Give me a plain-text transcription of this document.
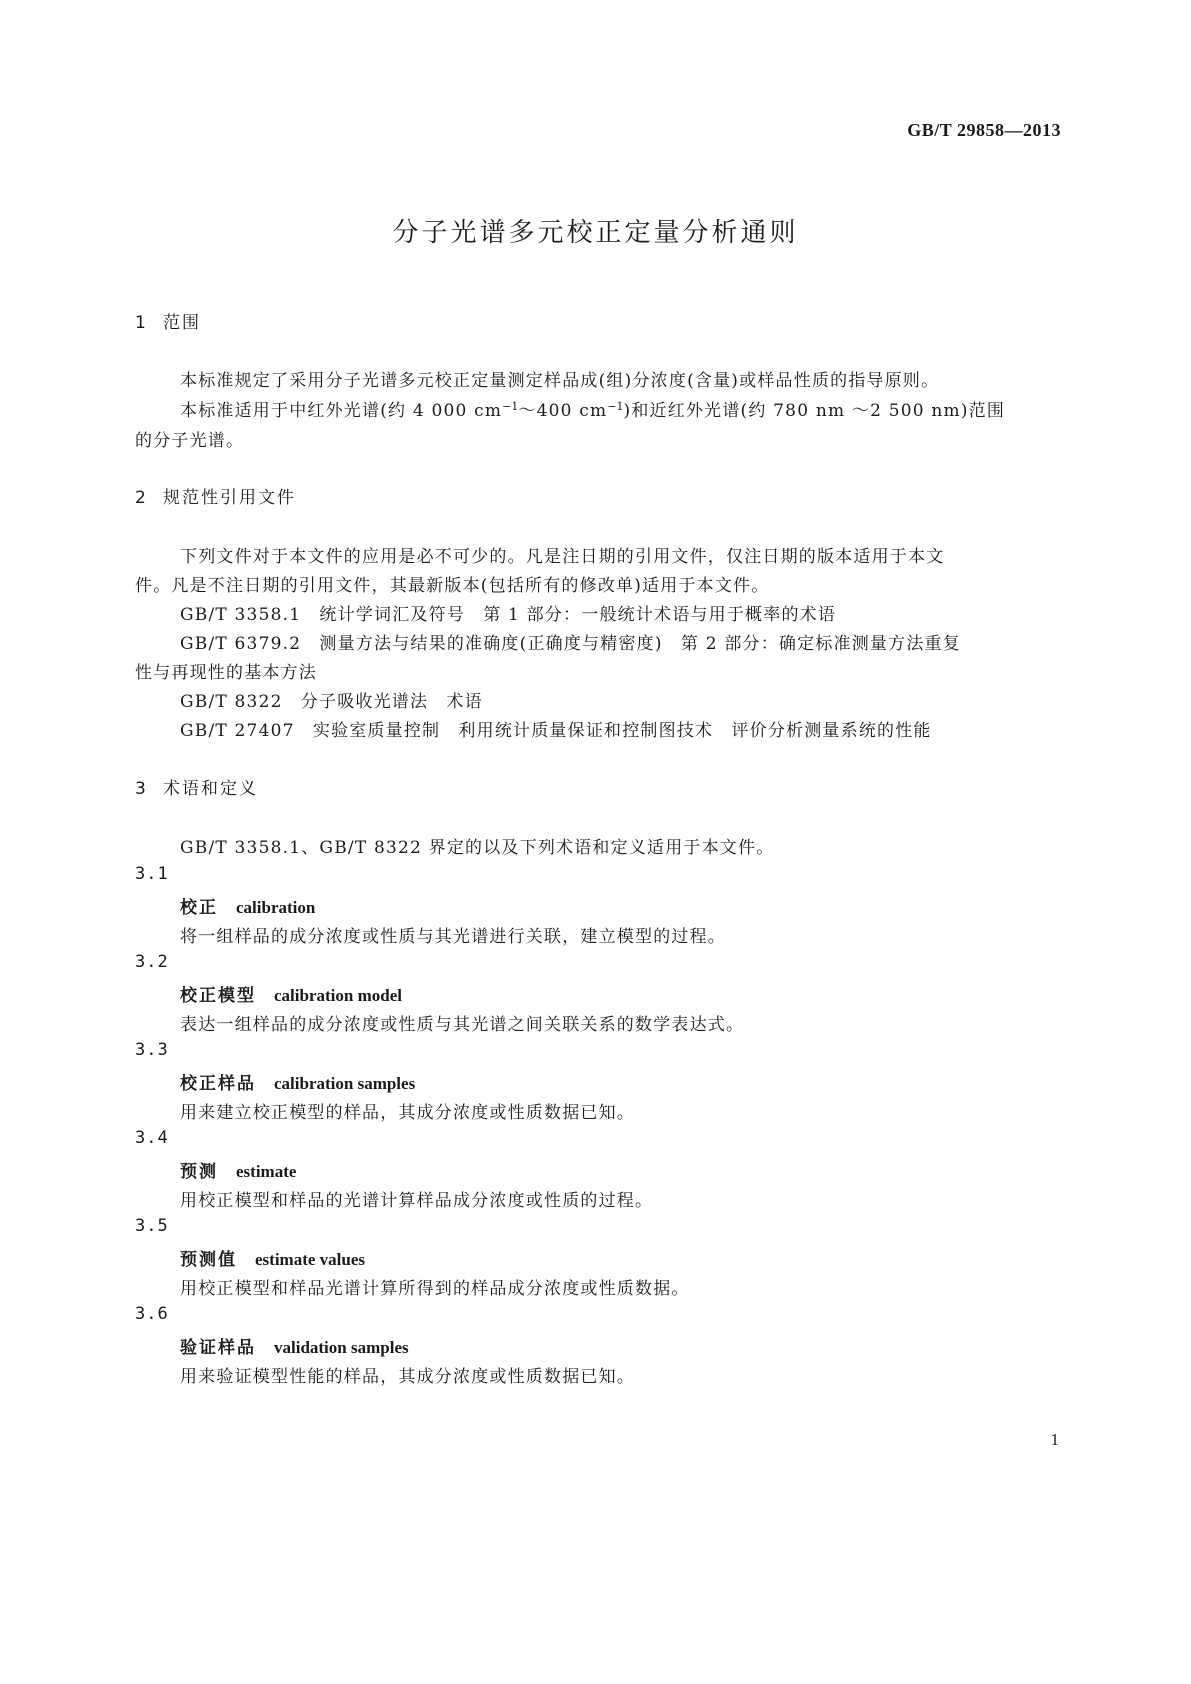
GB/T 29858—2013
分子光谱多元校正定量分析通则
1 范围
本标准规定了采用分子光谱多元校正定量测定样品成(组)分浓度(含量)或样品性质的指导原则。
本标准适用于中红外光谱(约 4 000 $cm^{-1}\sim 400$ $cm^{-1}$)和近红外光谱(约 780 nm ～2 500 nm)范围
的分子光谱。
2 规范性引用文件
下列文件对于本文件的应用是必不可少的。凡是注日期的引用文件，仅注日期的版本适用于本文
件。凡是不注日期的引用文件，其最新版本(包括所有的修改单)适用于本文件。
GB/T 3358.1　统计学词汇及符号　第 1 部分：一般统计术语与用于概率的术语
GB/T 6379.2　测量方法与结果的准确度(正确度与精密度)　第 2 部分：确定标准测量方法重复
性与再现性的基本方法
GB/T 8322　分子吸收光谱法　术语
GB/T 27407　实验室质量控制　利用统计质量保证和控制图技术　评价分析测量系统的性能
3 术语和定义
GB/T 3358.1、GB/T 8322 界定的以及下列术语和定义适用于本文件。
3.1
校正 calibration
将一组样品的成分浓度或性质与其光谱进行关联，建立模型的过程。
3.2
校正模型 calibration model
表达一组样品的成分浓度或性质与其光谱之间关联关系的数学表达式。
3.3
校正样品 calibration samples
用来建立校正模型的样品，其成分浓度或性质数据已知。
3.4
预测 estimate
用校正模型和样品的光谱计算样品成分浓度或性质的过程。
3.5
预测值 estimate values
用校正模型和样品光谱计算所得到的样品成分浓度或性质数据。
3.6
验证样品 validation samples
用来验证模型性能的样品，其成分浓度或性质数据已知。
1
